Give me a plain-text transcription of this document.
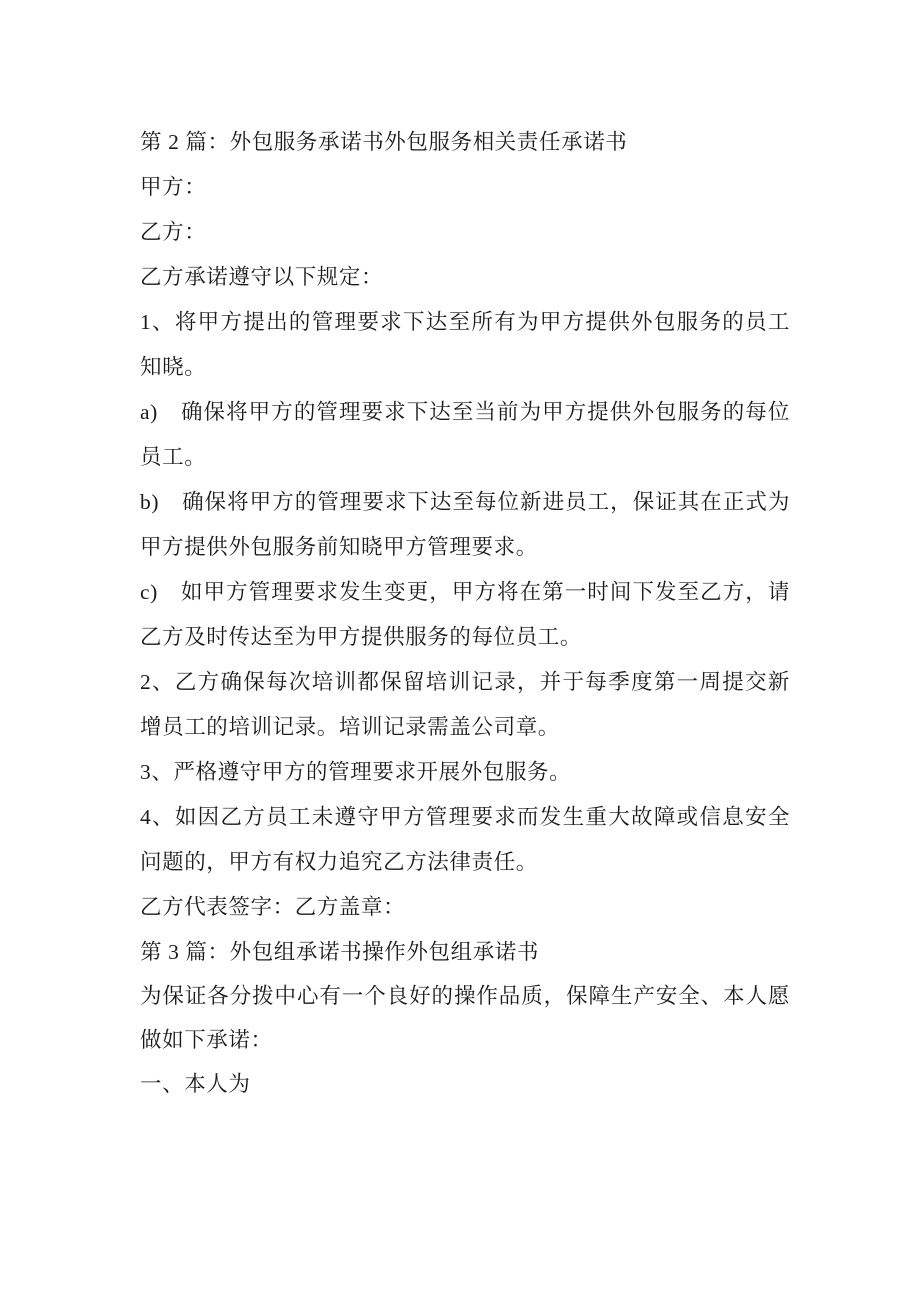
第 2 篇：外包服务承诺书外包服务相关责任承诺书

甲方：

乙方：

乙方承诺遵守以下规定：

1、将甲方提出的管理要求下达至所有为甲方提供外包服务的员工知晓。

a)　确保将甲方的管理要求下达至当前为甲方提供外包服务的每位员工。

b)　确保将甲方的管理要求下达至每位新进员工，保证其在正式为甲方提供外包服务前知晓甲方管理要求。

c)　如甲方管理要求发生变更，甲方将在第一时间下发至乙方，请乙方及时传达至为甲方提供服务的每位员工。

2、乙方确保每次培训都保留培训记录，并于每季度第一周提交新增员工的培训记录。培训记录需盖公司章。

3、严格遵守甲方的管理要求开展外包服务。

4、如因乙方员工未遵守甲方管理要求而发生重大故障或信息安全问题的，甲方有权力追究乙方法律责任。

乙方代表签字：乙方盖章：

第 3 篇：外包组承诺书操作外包组承诺书

为保证各分拨中心有一个良好的操作品质，保障生产安全、本人愿做如下承诺：

一、本人为
